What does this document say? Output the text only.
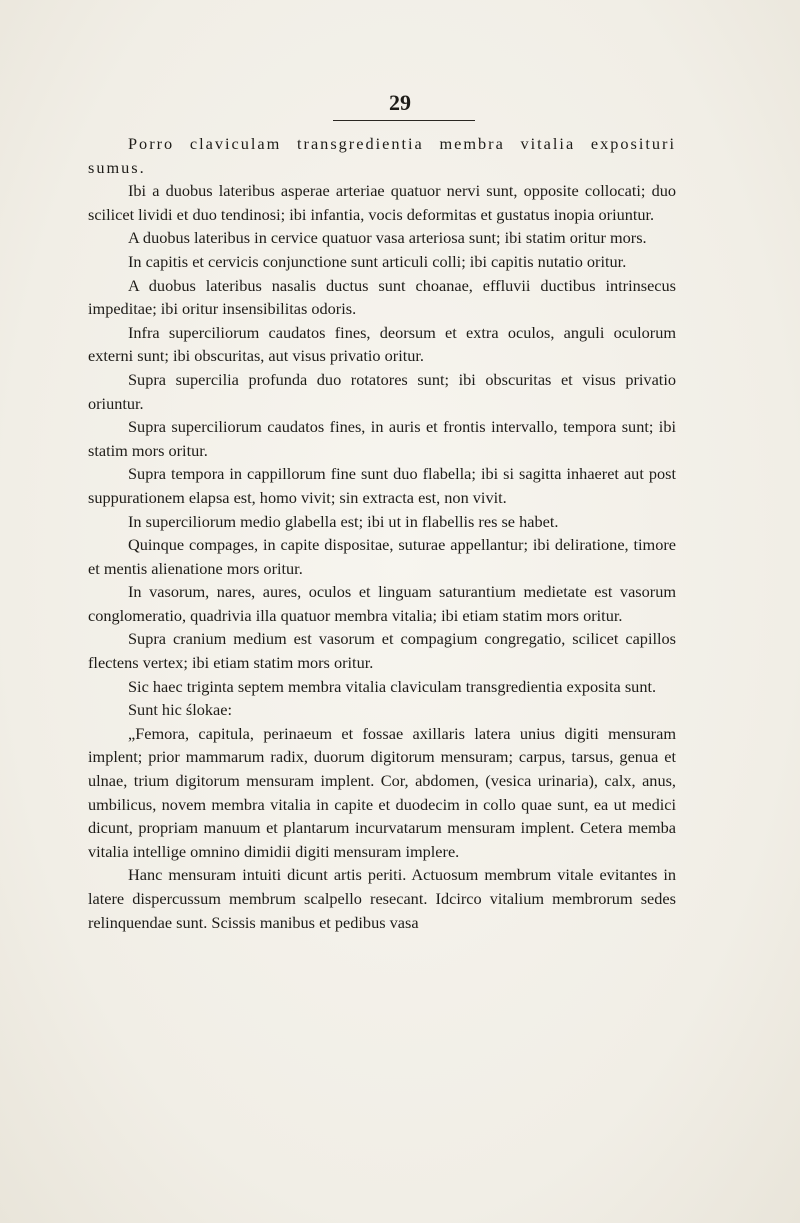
29

Porro claviculam transgredientia membra vitalia exposituri sumus.

Ibi a duobus lateribus asperae arteriae quatuor nervi sunt, opposite collocati; duo scilicet lividi et duo tendinosi; ibi infantia, vocis deformitas et gustatus inopia oriuntur.

A duobus lateribus in cervice quatuor vasa arteriosa sunt; ibi statim oritur mors.

In capitis et cervicis conjunctione sunt articuli colli; ibi capitis nutatio oritur.

A duobus lateribus nasalis ductus sunt choanae, effluvii ductibus intrinsecus impeditae; ibi oritur insensibilitas odoris.

Infra superciliorum caudatos fines, deorsum et extra oculos, anguli oculorum externi sunt; ibi obscuritas, aut visus privatio oritur.

Supra supercilia profunda duo rotatores sunt; ibi obscuritas et visus privatio oriuntur.

Supra superciliorum caudatos fines, in auris et frontis intervallo, tempora sunt; ibi statim mors oritur.

Supra tempora in cappillorum fine sunt duo flabella; ibi si sagitta inhaeret aut post suppurationem elapsa est, homo vivit; sin extracta est, non vivit.

In superciliorum medio glabella est; ibi ut in flabellis res se habet.

Quinque compages, in capite dispositae, suturae appellantur; ibi deliratione, timore et mentis alienatione mors oritur.

In vasorum, nares, aures, oculos et linguam saturantium medietate est vasorum conglomeratio, quadrivia illa quatuor membra vitalia; ibi etiam statim mors oritur.

Supra cranium medium est vasorum et compagium congregatio, scilicet capillos flectens vertex; ibi etiam statim mors oritur.

Sic haec triginta septem membra vitalia claviculam transgredientia exposita sunt.

Sunt hic ślokae:

„Femora, capitula, perinaeum et fossae axillaris latera unius digiti mensuram implent; prior mammarum radix, duorum digitorum mensuram; carpus, tarsus, genua et ulnae, trium digitorum mensuram implent. Cor, abdomen, (vesica urinaria), calx, anus, umbilicus, novem membra vitalia in capite et duodecim in collo quae sunt, ea ut medici dicunt, propriam manuum et plantarum incurvatarum mensuram implent. Cetera memba vitalia intellige omnino dimidii digiti mensuram implere.

Hanc mensuram intuiti dicunt artis periti. Actuosum membrum vitale evitantes in latere dispercussum membrum scalpello resecant. Idcirco vitalium membrorum sedes relinquendae sunt. Scissis manibus et pedibus vasa
